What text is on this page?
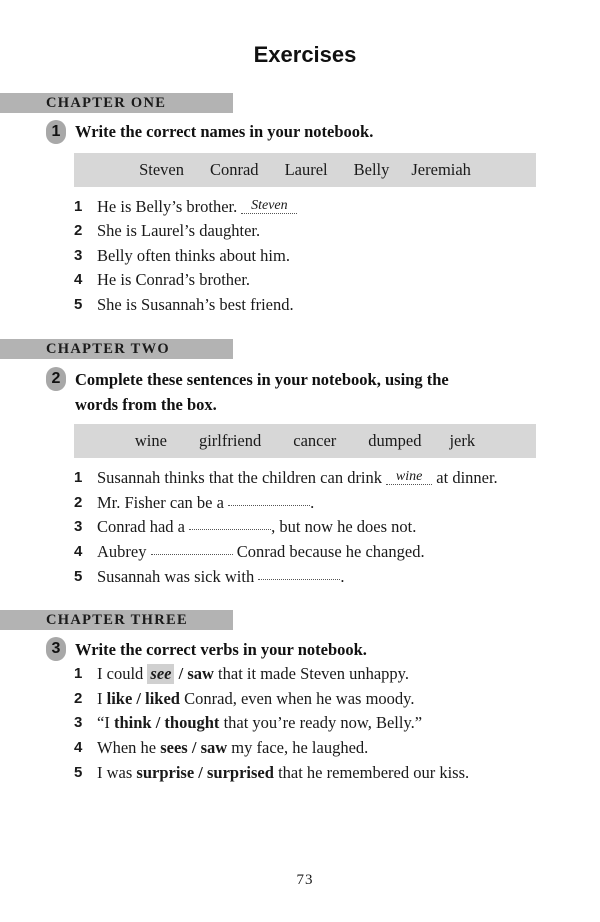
Exercises
CHAPTER ONE
1 Write the correct names in your notebook.
Steven Conrad Laurel Belly Jeremiah
1 He is Belly’s brother. Steven
2 She is Laurel’s daughter.
3 Belly often thinks about him.
4 He is Conrad’s brother.
5 She is Susannah’s best friend.
CHAPTER TWO
2 Complete these sentences in your notebook, using the
words from the box.
wine girlfriend cancer dumped jerk
1 Susannah thinks that the children can drink wine at dinner.
2 Mr. Fisher can be a	.
3 Conrad had a	, but now he does not.
4 Aubrey	Conrad because he changed.
5 Susannah was sick with	.
CHAPTER THREE
3 Write the correct verbs in your notebook.
1 I could see / saw that it made Steven unhappy.
2 I like / liked Conrad, even when he was moody.
3 “I think / thought that you’re ready now, Belly.”
4 When he sees / saw my face, he laughed.
5 I was surprise / surprised that he remembered our kiss.
73
